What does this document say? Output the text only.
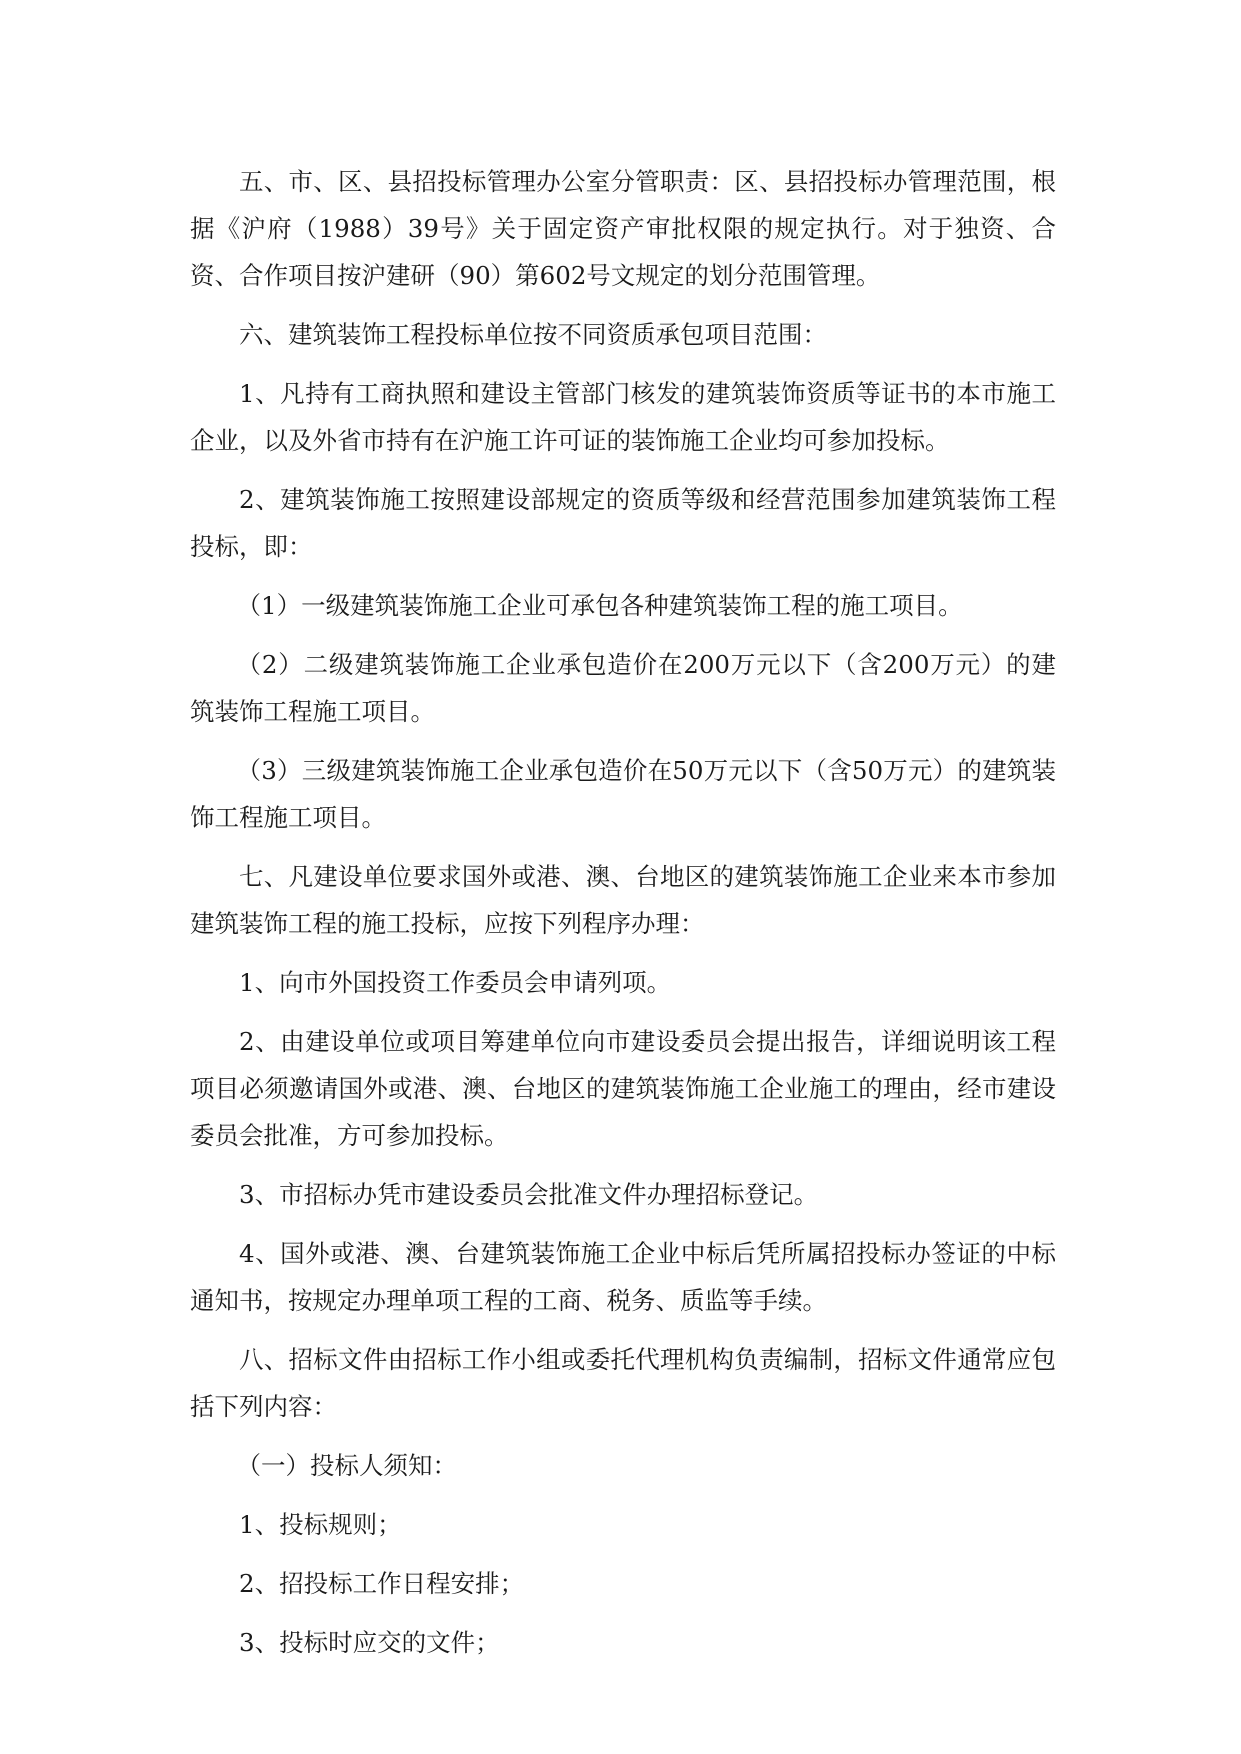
五、市、区、县招投标管理办公室分管职责：区、县招投标办管理范围，根据《沪府（1988）39号》关于固定资产审批权限的规定执行。对于独资、合资、合作项目按沪建研（90）第602号文规定的划分范围管理。

六、建筑装饰工程投标单位按不同资质承包项目范围：

1、凡持有工商执照和建设主管部门核发的建筑装饰资质等证书的本市施工企业，以及外省市持有在沪施工许可证的装饰施工企业均可参加投标。

2、建筑装饰施工按照建设部规定的资质等级和经营范围参加建筑装饰工程投标，即：

（1）一级建筑装饰施工企业可承包各种建筑装饰工程的施工项目。

（2）二级建筑装饰施工企业承包造价在200万元以下（含200万元）的建筑装饰工程施工项目。

（3）三级建筑装饰施工企业承包造价在50万元以下（含50万元）的建筑装饰工程施工项目。

七、凡建设单位要求国外或港、澳、台地区的建筑装饰施工企业来本市参加建筑装饰工程的施工投标，应按下列程序办理：

1、向市外国投资工作委员会申请列项。

2、由建设单位或项目筹建单位向市建设委员会提出报告，详细说明该工程项目必须邀请国外或港、澳、台地区的建筑装饰施工企业施工的理由，经市建设委员会批准，方可参加投标。

3、市招标办凭市建设委员会批准文件办理招标登记。

4、国外或港、澳、台建筑装饰施工企业中标后凭所属招投标办签证的中标通知书，按规定办理单项工程的工商、税务、质监等手续。

八、招标文件由招标工作小组或委托代理机构负责编制，招标文件通常应包括下列内容：

（一）投标人须知：

1、投标规则；

2、招投标工作日程安排；

3、投标时应交的文件；
